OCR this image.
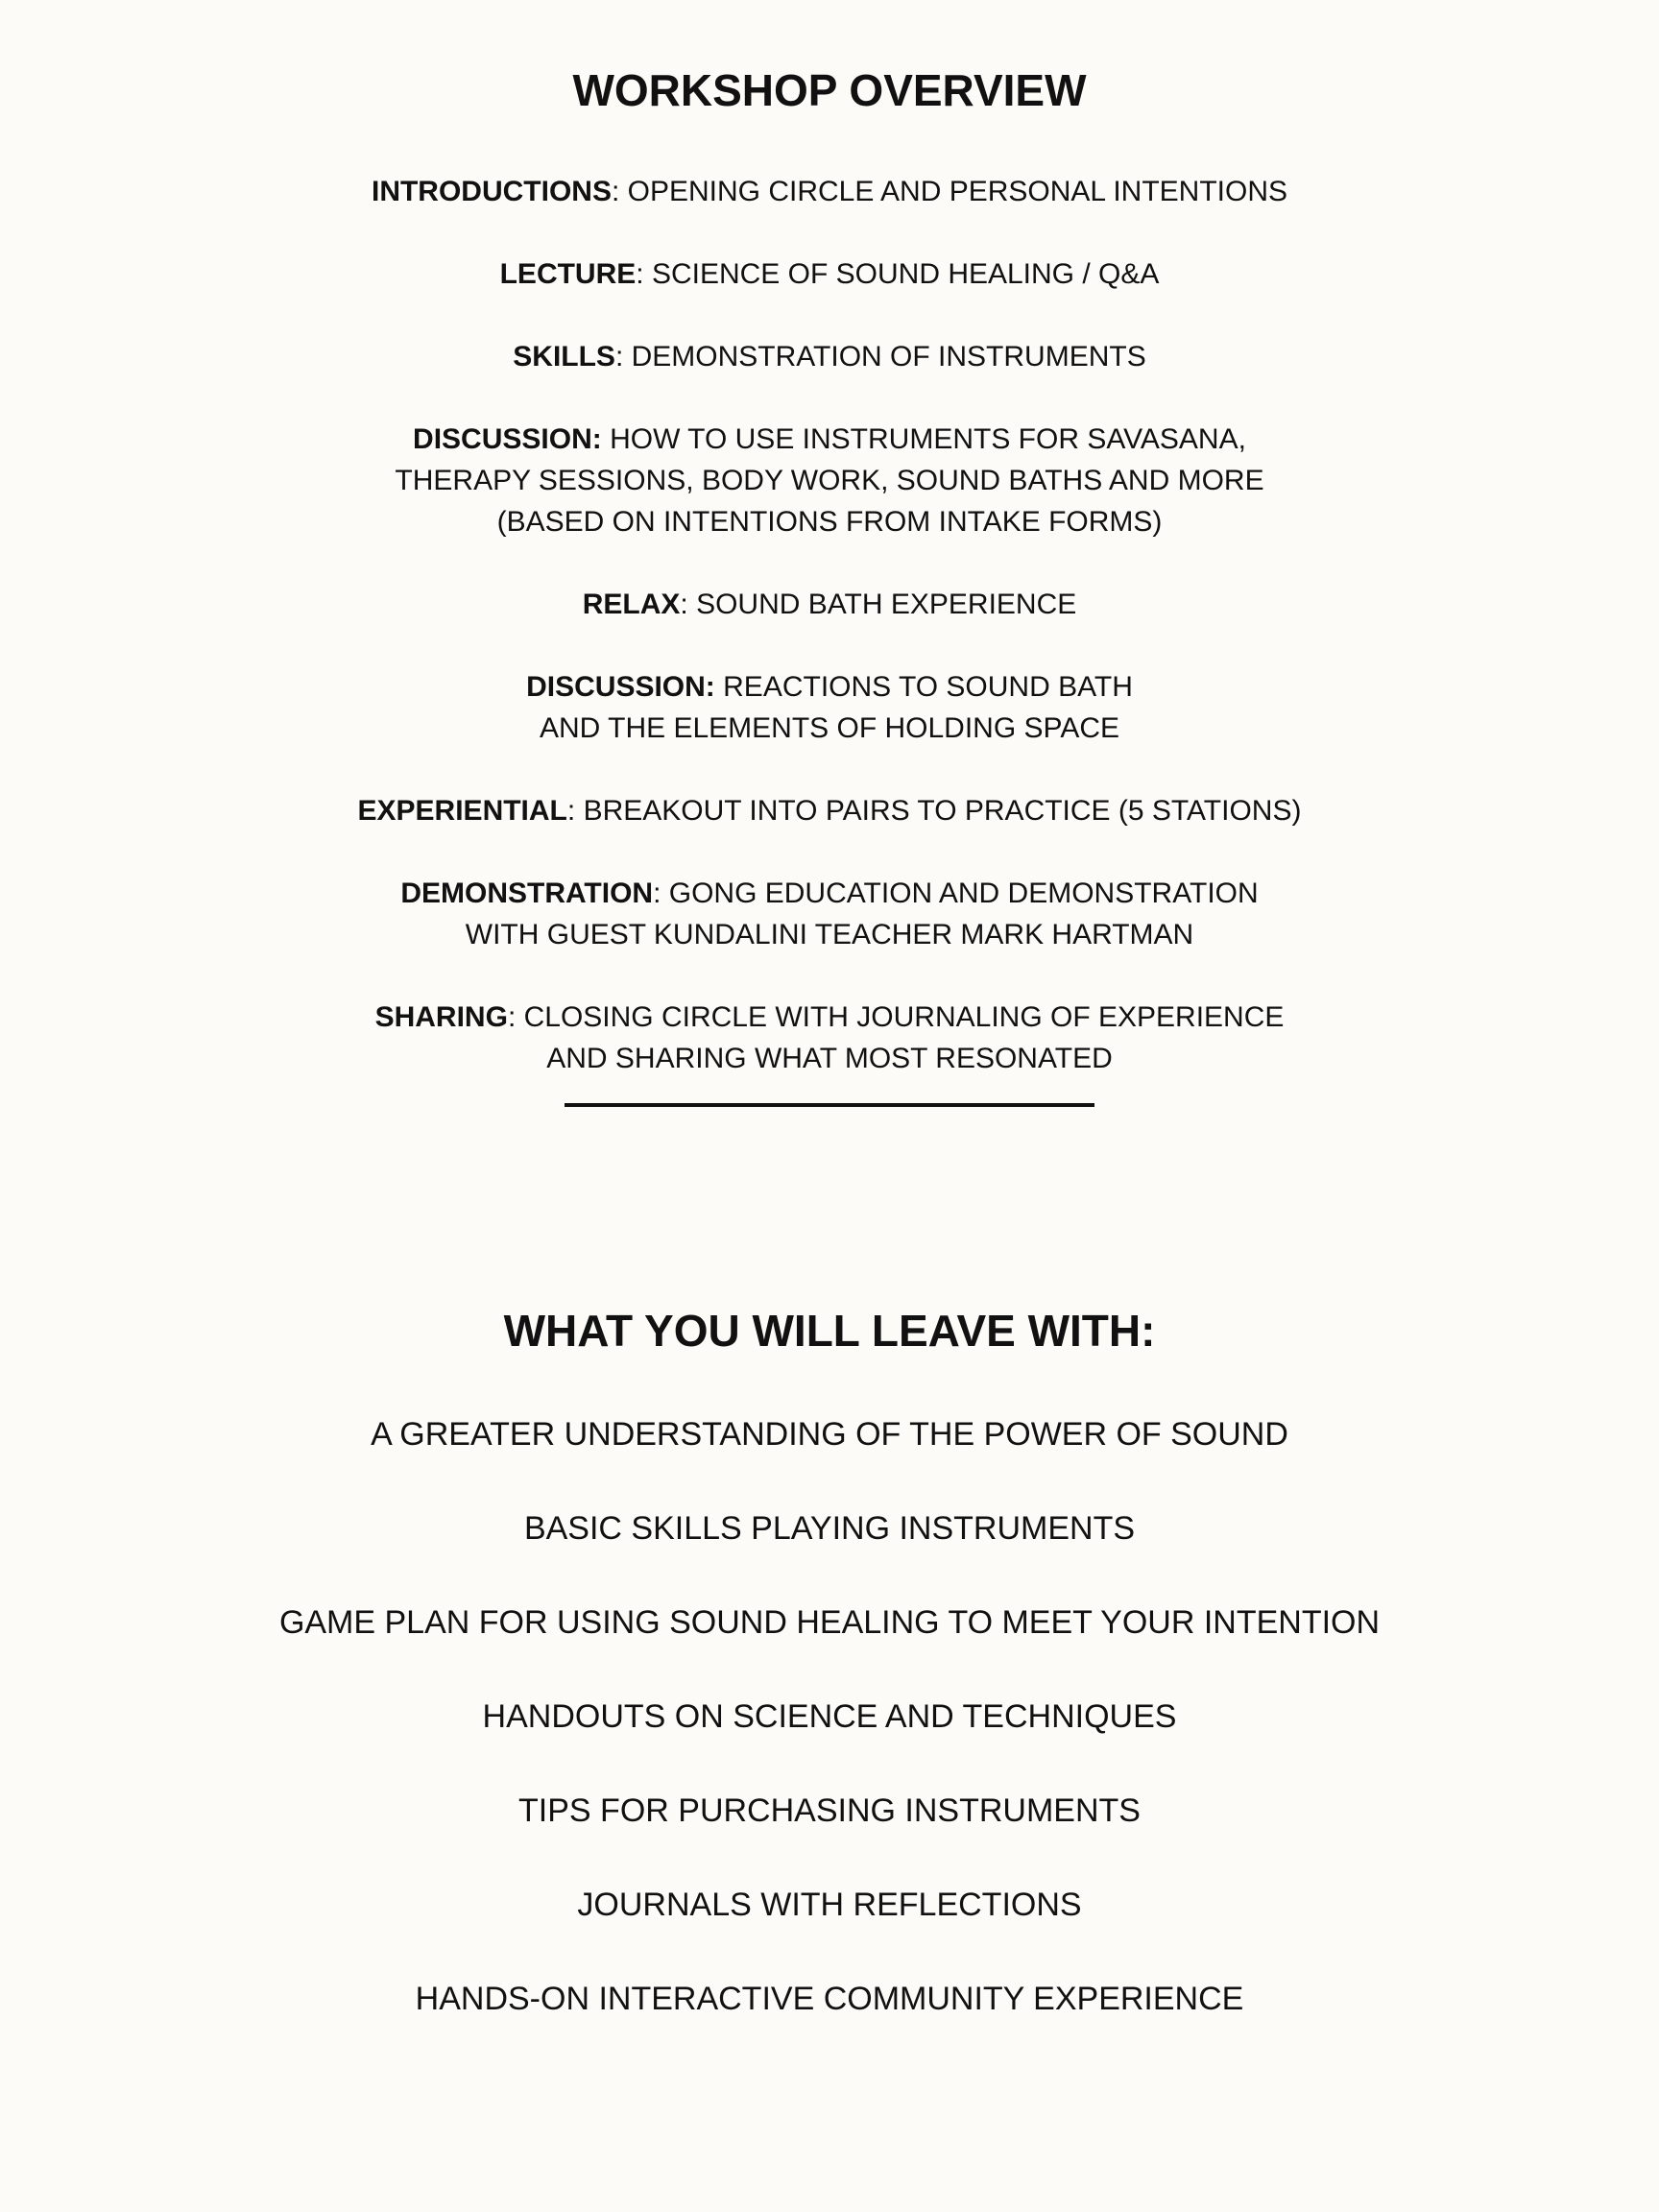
WORKSHOP OVERVIEW

INTRODUCTIONS: OPENING CIRCLE AND PERSONAL INTENTIONS

LECTURE: SCIENCE OF SOUND HEALING / Q&A

SKILLS: DEMONSTRATION OF INSTRUMENTS

DISCUSSION: HOW TO USE INSTRUMENTS FOR SAVASANA,
THERAPY SESSIONS, BODY WORK, SOUND BATHS AND MORE
(BASED ON INTENTIONS FROM INTAKE FORMS)

RELAX: SOUND BATH EXPERIENCE

DISCUSSION: REACTIONS TO SOUND BATH
AND THE ELEMENTS OF HOLDING SPACE

EXPERIENTIAL: BREAKOUT INTO PAIRS TO PRACTICE (5 STATIONS)

DEMONSTRATION: GONG EDUCATION AND DEMONSTRATION
WITH GUEST KUNDALINI TEACHER MARK HARTMAN

SHARING: CLOSING CIRCLE WITH JOURNALING OF EXPERIENCE
AND SHARING WHAT MOST RESONATED

WHAT YOU WILL LEAVE WITH:

A GREATER UNDERSTANDING OF THE POWER OF SOUND

BASIC SKILLS PLAYING INSTRUMENTS

GAME PLAN FOR USING SOUND HEALING TO MEET YOUR INTENTION

HANDOUTS ON SCIENCE AND TECHNIQUES

TIPS FOR PURCHASING INSTRUMENTS

JOURNALS WITH REFLECTIONS

HANDS-ON INTERACTIVE COMMUNITY EXPERIENCE
